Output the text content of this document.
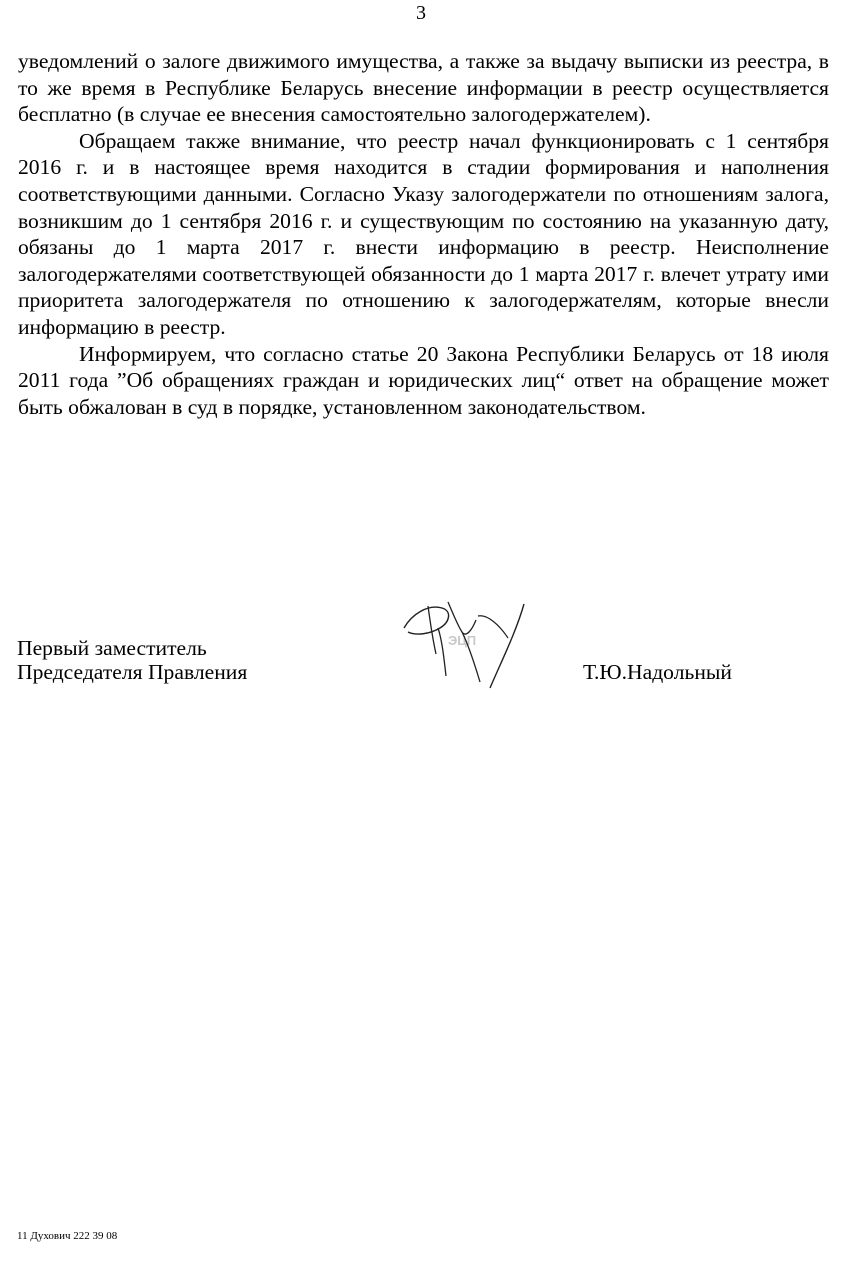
3

уведомлений о залоге движимого имущества, а также за выдачу выписки из реестра, в то же время в Республике Беларусь внесение информации в реестр осуществляется бесплатно (в случае ее внесения самостоятельно залогодержателем).

Обращаем также внимание, что реестр начал функционировать с 1 сентября 2016 г. и в настоящее время находится в стадии формирования и наполнения соответствующими данными. Согласно Указу залогодержатели по отношениям залога, возникшим до 1 сентября 2016 г. и существующим по состоянию на указанную дату, обязаны до 1 марта 2017 г. внести информацию в реестр. Неисполнение залогодержателями соответствующей обязанности до 1 марта 2017 г. влечет утрату ими приоритета залогодержателя по отношению к залогодержателям, которые внесли информацию в реестр.

Информируем, что согласно статье 20 Закона Республики Беларусь от 18 июля 2011 года ”Об обращениях граждан и юридических лиц“ ответ на обращение может быть обжалован в суд в порядке, установленном законодательством.

Первый заместитель
Председателя Правления
ЭЦП
Т.Ю.Надольный
11 Духович 222 39 08
